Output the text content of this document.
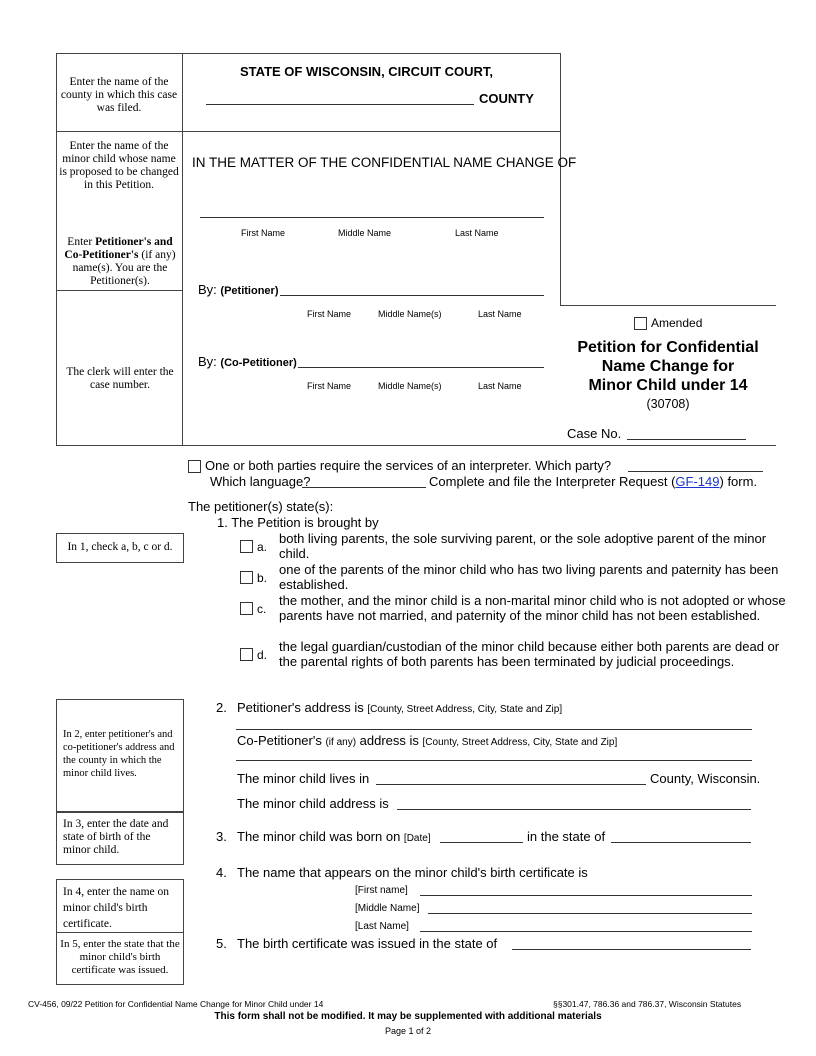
Enter the name of the county in which this case was filed.
Enter the name of the minor child whose name is proposed to be changed in this Petition.
Enter Petitioner's and Co-Petitioner's (if any) name(s). You are the Petitioner(s).
The clerk will enter the case number.
STATE OF WISCONSIN, CIRCUIT COURT,
COUNTY
IN THE MATTER OF THE CONFIDENTIAL NAME CHANGE OF
First Name	Middle Name	Last Name
By: (Petitioner)
First Name	Middle Name(s)	Last Name
By: (Co-Petitioner)
First Name	Middle Name(s)	Last Name
Amended
Petition for Confidential
Name Change for
Minor Child under 14
(30708)
Case No.
One or both parties require the services of an interpreter. Which party?
Which language?	Complete and file the Interpreter Request (GF-149) form.
The petitioner(s) state(s):
1. The Petition is brought by
In 1, check a, b, c or d.	a.
both living parents, the sole surviving parent, or the sole adoptive parent of the minor child.
b.
one of the parents of the minor child who has two living parents and paternity has been established.
c.
the mother, and the minor child is a non-marital minor child who is not adopted or whose parents have not married, and paternity of the minor child has not been established.
d.
the legal guardian/custodian of the minor child because either both parents are dead or the parental rights of both parents has been terminated by judicial proceedings.
In 2, enter petitioner's and co-petitioner's address and the county in which the minor child lives.
In 3, enter the date and state of birth of the minor child.
In 4, enter the name on minor child's birth certificate.
In 5, enter the state that the minor child's birth certificate was issued.
2. Petitioner's address is [County, Street Address, City, State and Zip]
Co-Petitioner's (if any) address is [County, Street Address, City, State and Zip]
The minor child lives in	County, Wisconsin.
The minor child address is
3. The minor child was born on [Date]	in the state of
4. The name that appears on the minor child's birth certificate is
[First name]
[Middle Name]
[Last Name]
5. The birth certificate was issued in the state of
CV-456, 09/22 Petition for Confidential Name Change for Minor Child under 14	§§301.47, 786.36 and 786.37, Wisconsin Statutes
This form shall not be modified. It may be supplemented with additional materials
Page 1 of 2
